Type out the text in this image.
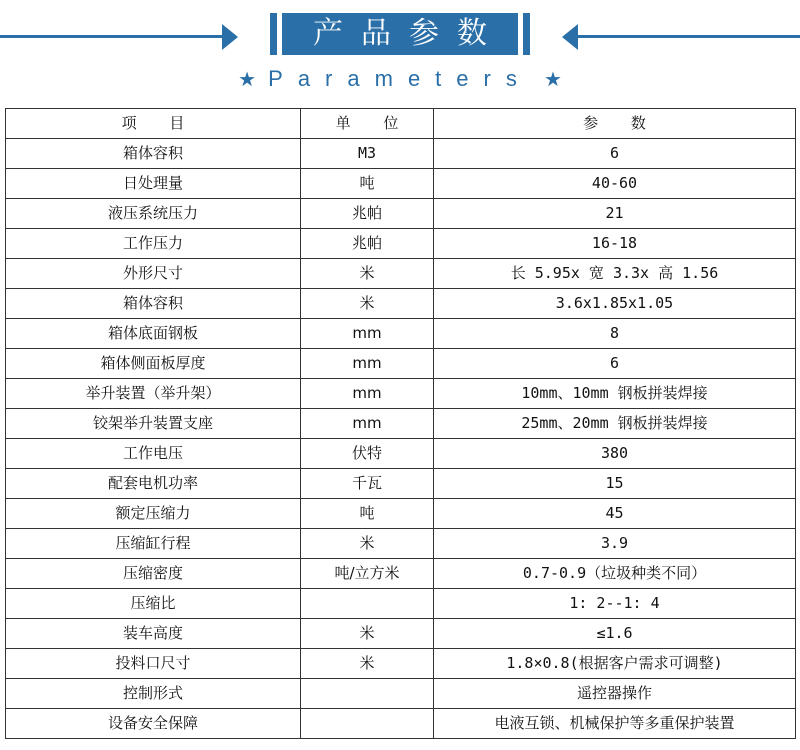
产品参数
★ Parameters ★
项 目	单 位	参 数
箱体容积	M3	6
日处理量	吨	40-60
液压系统压力	兆帕	21
工作压力	兆帕	16-18
外形尺寸	米	长 5.95x 宽 3.3x 高 1.56
箱体容积	米	3.6x1.85x1.05
箱体底面钢板	mm	8
箱体侧面板厚度	mm	6
举升装置（举升架）	mm	10mm、10mm 钢板拼装焊接
铰架举升装置支座	mm	25mm、20mm 钢板拼装焊接
工作电压	伏特	380
配套电机功率	千瓦	15
额定压缩力	吨	45
压缩缸行程	米	3.9
压缩密度	吨/立方米	0.7-0.9（垃圾种类不同）
压缩比		1: 2--1: 4
装车高度	米	≤1.6
投料口尺寸	米	1.8×0.8(根据客户需求可调整)
控制形式		遥控器操作
设备安全保障		电液互锁、机械保护等多重保护装置
